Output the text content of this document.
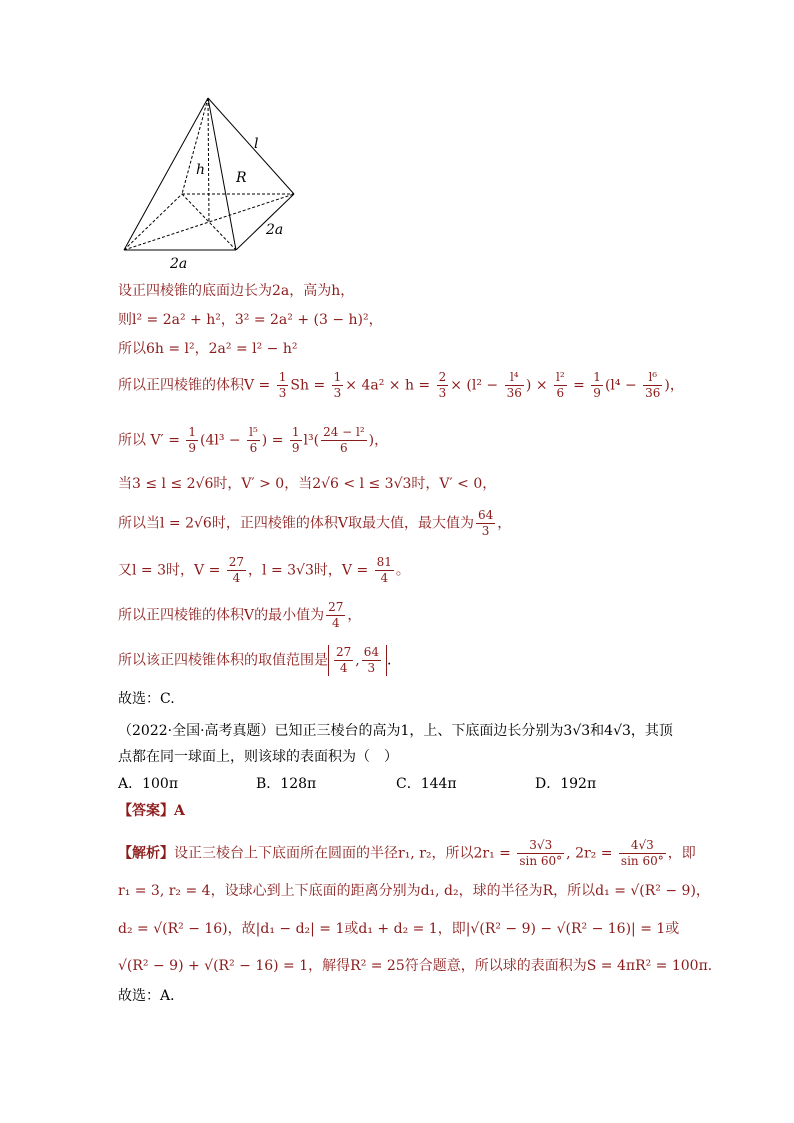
l
h R
2a
2a
设正四棱锥的底面边长为2a，高为h，
则l² = 2a² + h²，3² = 2a² + (3 − h)²，
所以6h = l²，2a² = l² − h²
所以正四棱锥的体积$V = \frac{1}{3}$ $Sh = \frac{1}{3} \times 4a^2 \times h = \frac{2}{3} \times (l^2 - \frac{\text{l⁴}}{36}$ ) × $\frac{\text{l²}}{6} = \frac{1}{9} (l^4 - \frac{\text{l⁶}}{36}$ )，
所以 $V' = \frac{1}{9} (4l^3 - \frac{\text{l⁵}}{6}$ ) = $\frac{1}{9} l^3( \frac{\text{24 − l²}}{6}$ )，
当3 ≤ l ≤ 2√6时，V′ > 0，当2√6 < l ≤ 3√3时，V′ < 0，
所以当l = 2√6时，正四棱锥的体积V取最大值，最大值为 $\frac{64}{3}$ ，
又l = 3时，$V = \frac{27}{4}$ ，l = 3√3时，$V = \frac{81}{4}$ 。
所以正四棱锥的体积V的最小值为 $\frac{27}{4}$ ，
所以该正四棱锥体积的取值范围是 $\frac{27}{4}$ , $\frac{64}{3}$ .
故选：C.
（2022·全国·高考真题）已知正三棱台的高为1，上、下底面边长分别为3√3和4√3，其顶
点都在同一球面上，则该球的表面积为（　）
A．100π	B．128π	C．144π	D．192π
【答案】A
【解析】设正三棱台上下底面所在圆面的半径r₁, r₂，所以$2r_1 = \frac{3√3}{\sin 60^\circ}$ , $2r_2 = \frac{4√3}{\sin 60^\circ}$ ，即
r₁ = 3, r₂ = 4，设球心到上下底面的距离分别为d₁, d₂，球的半径为R，所以d₁ = √(R² − 9)，
d₂ = √(R² − 16)，故|d₁ − d₂| = 1或d₁ + d₂ = 1，即|√(R² − 9) − √(R² − 16)| = 1或
√(R² − 9) + √(R² − 16) = 1，解得R² = 25符合题意，所以球的表面积为S = 4πR² = 100π．
故选：A．
